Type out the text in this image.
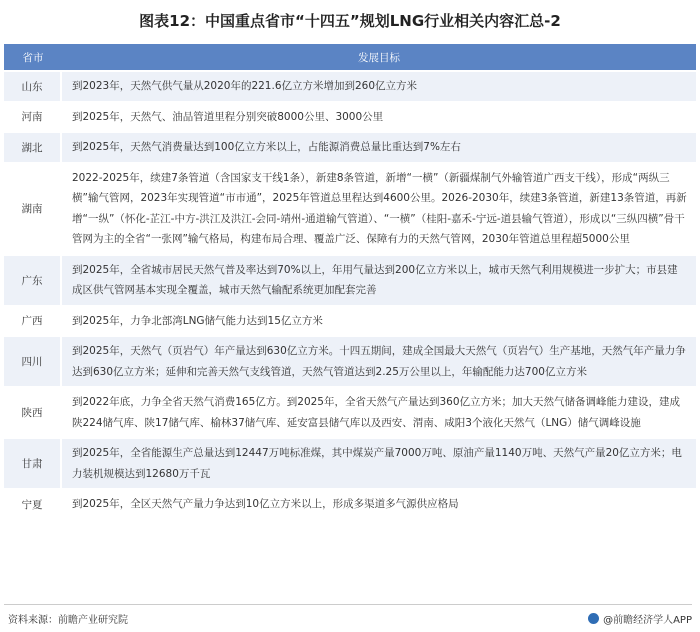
图表12：中国重点省市“十四五”规划LNG行业相关内容汇总-2
省市	发展目标
山东	到2023年，天然气供气量从2020年的221.6亿立方米增加到260亿立方米
河南	到2025年，天然气、油品管道里程分别突破8000公里、3000公里
湖北	到2025年，天然气消费量达到100亿立方米以上，占能源消费总量比重达到7%左右
湖南	2022-2025年，续建7条管道（含国家支干线1条），新建8条管道，新增“一横”（新疆煤制气外输管道广西支干线），形成“两纵三横”输气管网，2023年实现管道“市市通”，2025年管道总里程达到4600公里。2026-2030年，续建3条管道，新建13条管道，再新增“一纵”（怀化-芷江-中方-洪江及洪江-会同-靖州-通道输气管道）、“一横”（桂阳-嘉禾-宁远-道县输气管道），形成以“三纵四横”骨干管网为主的全省“一张网”输气格局，构建布局合理、覆盖广泛、保障有力的天然气管网，2030年管道总里程超5000公里
广东	到2025年，全省城市居民天然气普及率达到70%以上，年用气量达到200亿立方米以上，城市天然气利用规模进一步扩大；市县建成区供气管网基本实现全覆盖，城市天然气输配系统更加配套完善
广西	到2025年，力争北部湾LNG储气能力达到15亿立方米
四川	到2025年，天然气（页岩气）年产量达到630亿立方米。十四五期间，建成全国最大天然气（页岩气）生产基地，天然气年产量力争达到630亿立方米；延伸和完善天然气支线管道，天然气管道达到2.25万公里以上，年输配能力达700亿立方米
陕西	到2022年底，力争全省天然气消费165亿方。到2025年，全省天然气产量达到360亿立方米；加大天然气储备调峰能力建设，建成陕224储气库、陕17储气库、榆林37储气库、延安富县储气库以及西安、渭南、咸阳3个液化天然气（LNG）储气调峰设施
甘肃	到2025年，全省能源生产总量达到12447万吨标准煤，其中煤炭产量7000万吨、原油产量1140万吨、天然气产量20亿立方米；电力装机规模达到12680万千瓦
宁夏	到2025年，全区天然气产量力争达到10亿立方米以上，形成多渠道多气源供应格局
资料来源：前瞻产业研究院	@前瞻经济学人APP
